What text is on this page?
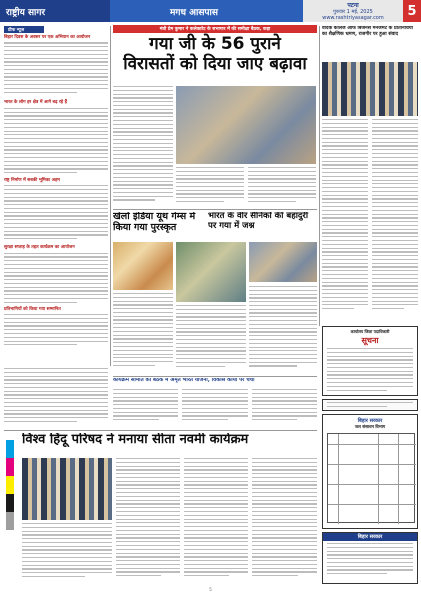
राष्ट्रीय सागर	मगध आसपास
पटना
गुरुवार 1 मई, 2025
www.rashtriyasagar.com	5
प्रीफ न्यूज
बिहार दिवस के अवसर पर एक अभियान का आयोजन
भारत के लोग हर क्षेत्र में आगे बढ़ रहे हैं
राष्ट्र निर्माण में सबकी भूमिका अहम
सुरक्षा सप्ताह के तहत कार्यक्रम का आयोजन
प्रतिभागियों को किया गया सम्मानित
मंत्री प्रेम कुमार ने कलेक्टरेट के सभागार में की समीक्षा बैठक, कहा
गया जी के 56 पुराने
विरासतों को दिया जाए बढ़ावा
वैदिक कॉलेज ऑफ बिजनेस मैनेजमेंट के प्रतिनिधियों का शैक्षणिक भ्रमण, राजगीर पर हुआ संवाद
खेलो इंडिया यूथ गेम्स में किया गया पुरस्कृत
भारत के वीर सैनिकों की बहादुरी पर गया में जश्न
कार्यक्रम समिति की बैठक में अमृत भारत योजना, विकास कार्यों पर चर्चा
विश्व हिंदू परिषद ने मनाया सीता नवमी कार्यक्रम
कार्यालय जिला पदाधिकारी
सूचना
बिहार सरकार
जल संसाधन विभाग
बिहार सरकार
5
